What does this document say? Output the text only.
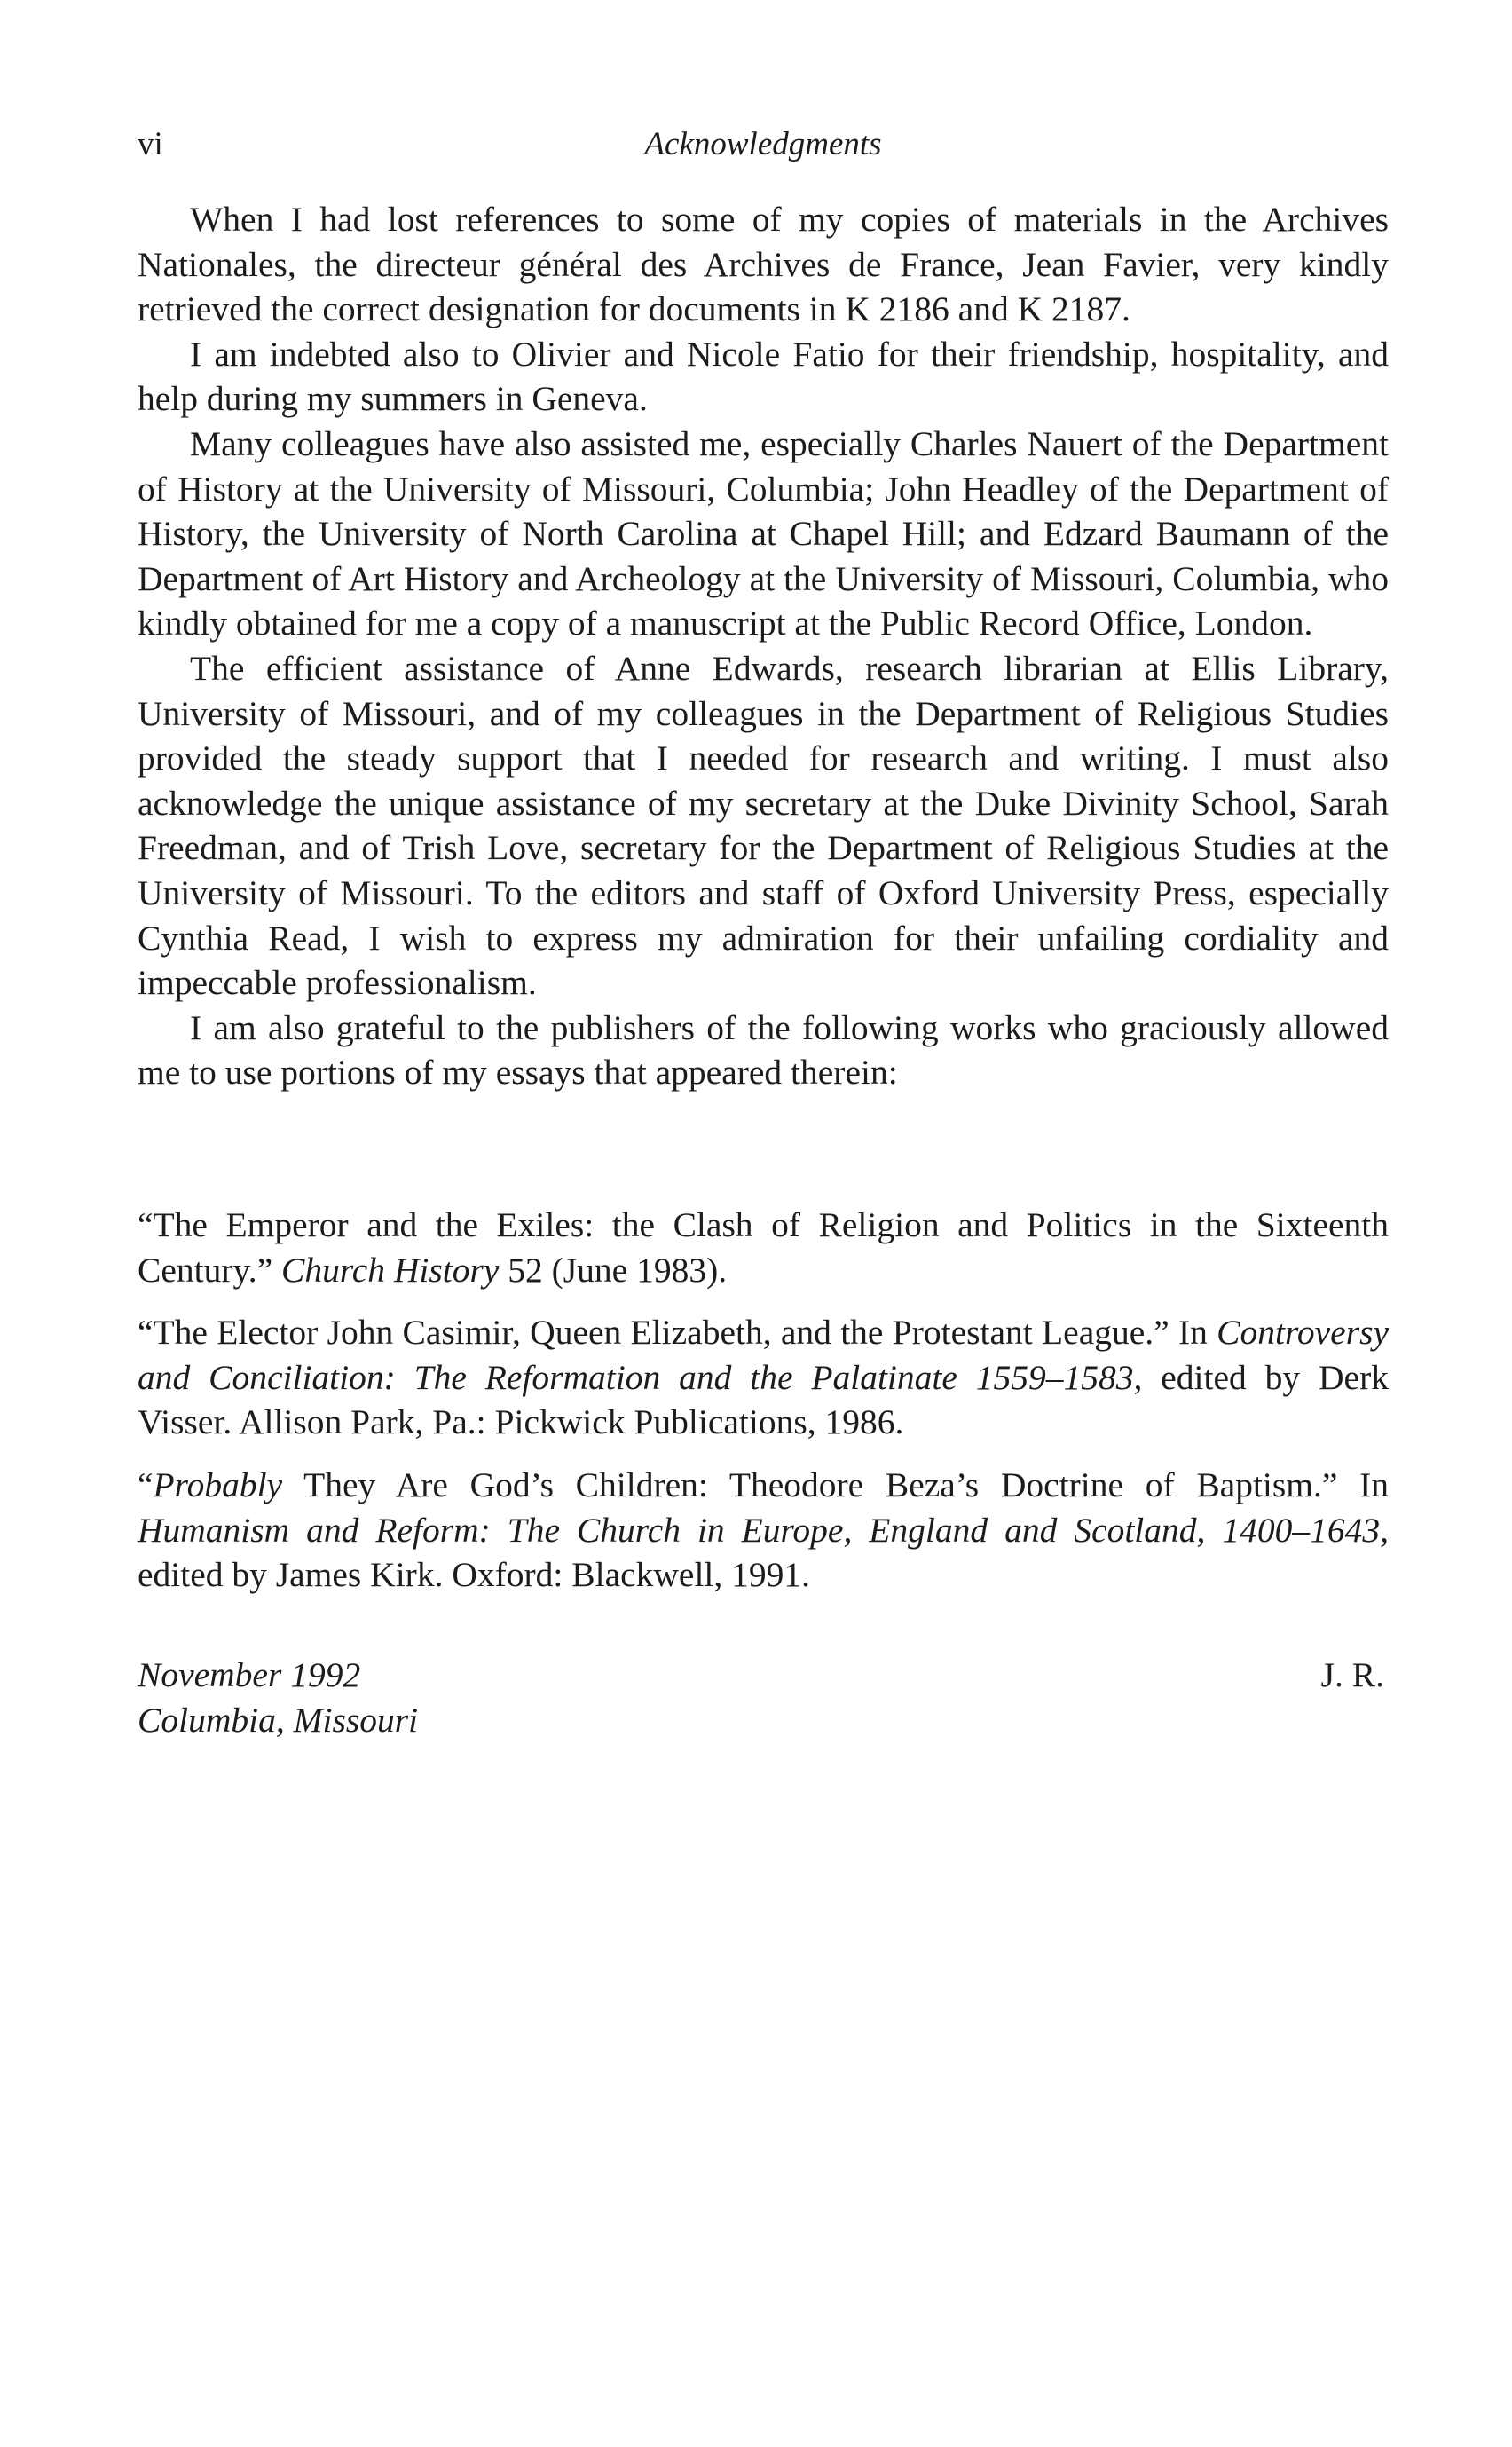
vi	Acknowledgments

When I had lost references to some of my copies of materials in the Archives Nationales, the directeur général des Archives de France, Jean Favier, very kindly retrieved the correct designation for documents in K 2186 and K 2187.

I am indebted also to Olivier and Nicole Fatio for their friendship, hospitality, and help during my summers in Geneva.

Many colleagues have also assisted me, especially Charles Nauert of the Department of History at the University of Missouri, Columbia; John Headley of the Department of History, the University of North Carolina at Chapel Hill; and Edzard Baumann of the Department of Art History and Archeology at the University of Missouri, Columbia, who kindly obtained for me a copy of a manuscript at the Public Record Office, London.

The efficient assistance of Anne Edwards, research librarian at Ellis Library, University of Missouri, and of my colleagues in the Department of Religious Studies provided the steady support that I needed for research and writing. I must also acknowledge the unique assistance of my secretary at the Duke Divinity School, Sarah Freedman, and of Trish Love, secretary for the Department of Religious Studies at the University of Missouri. To the editors and staff of Oxford University Press, especially Cynthia Read, I wish to express my admiration for their unfailing cordiality and impeccable professionalism.

I am also grateful to the publishers of the following works who graciously allowed me to use portions of my essays that appeared therein:

“The Emperor and the Exiles: the Clash of Religion and Politics in the Sixteenth Century.” Church History 52 (June 1983).

“The Elector John Casimir, Queen Elizabeth, and the Protestant League.” In Controversy and Conciliation: The Reformation and the Palatinate 1559–1583, edited by Derk Visser. Allison Park, Pa.: Pickwick Publications, 1986.

“Probably They Are God’s Children: Theodore Beza’s Doctrine of Baptism.” In Humanism and Reform: The Church in Europe, England and Scotland, 1400–1643, edited by James Kirk. Oxford: Blackwell, 1991.

November 1992
Columbia, Missouri
J. R.
